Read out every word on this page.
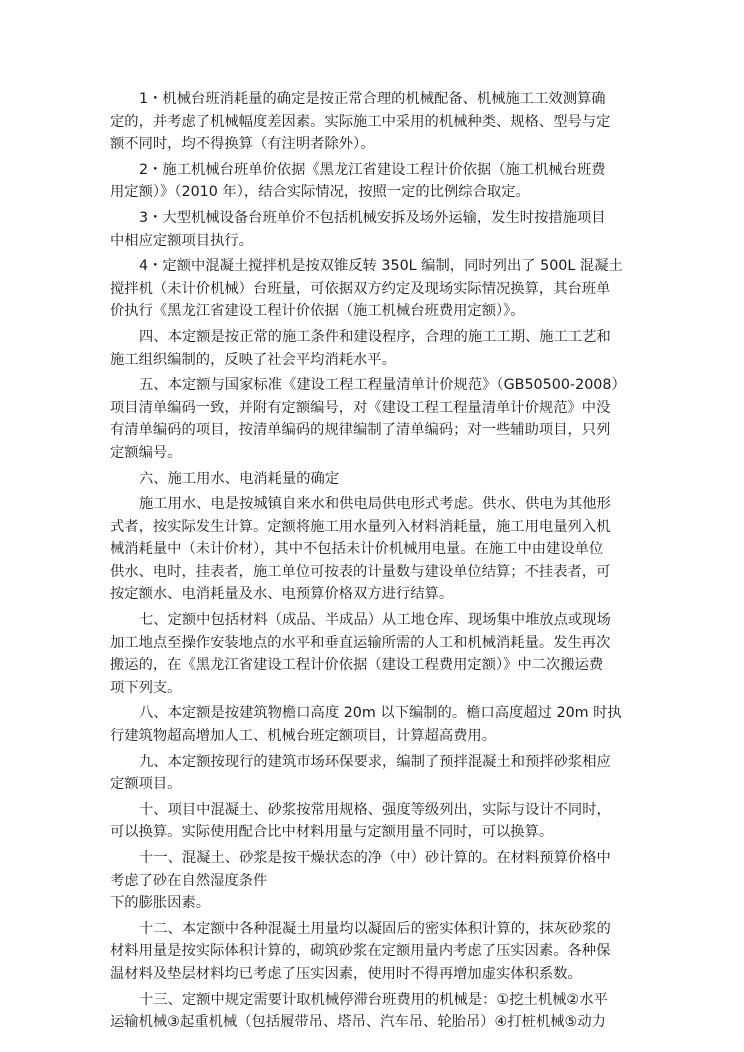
1・机械台班消耗量的确定是按正常合理的机械配备、机械施工工效测算确
定的，并考虑了机械幅度差因素。实际施工中采用的机械种类、规格、型号与定
额不同时，均不得换算（有注明者除外）。
2・施工机械台班单价依据《黑龙江省建设工程计价依据（施工机械台班费
用定额）》（2010 年），结合实际情况，按照一定的比例综合取定。
3・大型机械设备台班单价不包括机械安拆及场外运输，发生时按措施项目
中相应定额项目执行。
4・定额中混凝土搅拌机是按双锥反转 350L 编制，同时列出了 500L 混凝土
搅拌机（未计价机械）台班量，可依据双方约定及现场实际情况换算，其台班单
价执行《黑龙江省建设工程计价依据（施工机械台班费用定额）》。
四、本定额是按正常的施工条件和建设程序，合理的施工工期、施工工艺和
施工组织编制的，反映了社会平均消耗水平。
五、本定额与国家标准《建设工程工程量清单计价规范》（GB50500-2008）
项目清单编码一致，并附有定额编号，对《建设工程工程量清单计价规范》中没
有清单编码的项目，按清单编码的规律编制了清单编码；对一些辅助项目，只列
定额编号。
六、施工用水、电消耗量的确定
施工用水、电是按城镇自来水和供电局供电形式考虑。供水、供电为其他形
式者，按实际发生计算。定额将施工用水量列入材料消耗量，施工用电量列入机
械消耗量中（未计价材），其中不包括未计价机械用电量。在施工中由建设单位
供水、电时，挂表者，施工单位可按表的计量数与建设单位结算；不挂表者，可
按定额水、电消耗量及水、电预算价格双方进行结算。
七、定额中包括材料（成品、半成品）从工地仓库、现场集中堆放点或现场
加工地点至操作安装地点的水平和垂直运输所需的人工和机械消耗量。发生再次
搬运的，在《黑龙江省建设工程计价依据（建设工程费用定额）》中二次搬运费
项下列支。
八、本定额是按建筑物檐口高度 20m 以下编制的。檐口高度超过 20m 时执
行建筑物超高增加人工、机械台班定额项目，计算超高费用。
九、本定额按现行的建筑市场环保要求，编制了预拌混凝土和预拌砂浆相应
定额项目。
十、项目中混凝土、砂浆按常用规格、强度等级列出，实际与设计不同时，
可以换算。实际使用配合比中材料用量与定额用量不同时，可以换算。
十一、混凝土、砂浆是按干燥状态的净（中）砂计算的。在材料预算价格中
考虑了砂在自然湿度条件
下的膨胀因素。
十二、本定额中各种混凝土用量均以凝固后的密实体积计算的，抹灰砂浆的
材料用量是按实际体积计算的，砌筑砂浆在定额用量内考虑了压实因素。各种保
温材料及垫层材料均已考虑了压实因素，使用时不得再增加虚实体积系数。
十三、定额中规定需要计取机械停滞台班费用的机械是：①挖土机械②水平
运输机械③起重机械（包括履带吊、塔吊、汽车吊、轮胎吊）④打桩机械⑤动力
